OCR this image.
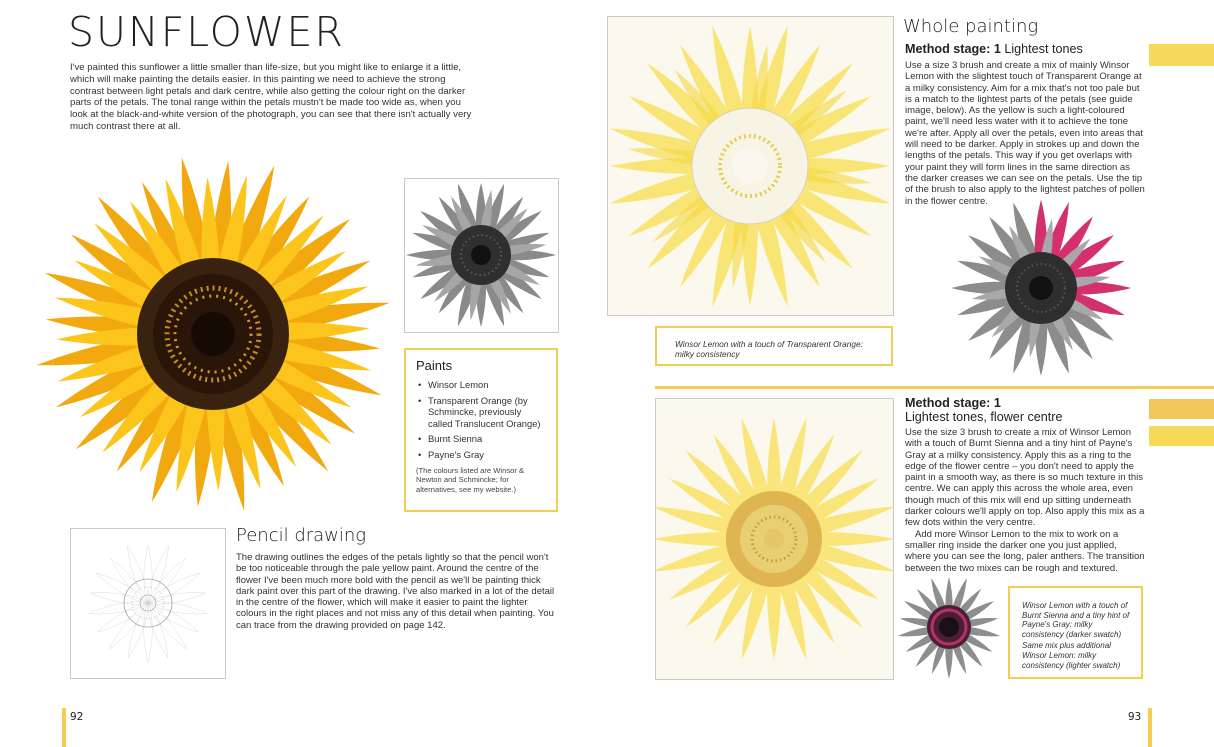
SUNFLOWER
I've painted this sunflower a little smaller than life-size, but you might like to enlarge it a little, which will make painting the details easier. In this painting we need to achieve the strong contrast between light petals and dark centre, while also getting the colour right on the darker parts of the petals. The tonal range within the petals mustn't be made too wide as, when you look at the black-and-white version of the photograph, you can see that there isn't actually very much contrast there at all.
Paints
• Winsor Lemon
• Transparent Orange (by Schmincke, previously called Translucent Orange)
• Burnt Sienna
• Payne's Gray
(The colours listed are Winsor & Newton and Schmincke; for alternatives, see my website.)
Pencil drawing
The drawing outlines the edges of the petals lightly so that the pencil won't be too noticeable through the pale yellow paint. Around the centre of the flower I've been much more bold with the pencil as we'll be painting thick dark paint over this part of the drawing. I've also marked in a lot of the detail in the centre of the flower, which will make it easier to paint the lighter colours in the right places and not miss any of this detail when painting. You can trace from the drawing provided on page 142.
92
Whole painting
Method stage: 1 Lightest tones
Use a size 3 brush and create a mix of mainly Winsor Lemon with the slightest touch of Transparent Orange at a milky consistency. Aim for a mix that's not too pale but is a match to the lightest parts of the petals (see guide image, below). As the yellow is such a light-coloured paint, we'll need less water with it to achieve the tone we're after. Apply all over the petals, even into areas that will need to be darker. Apply in strokes up and down the lengths of the petals. This way if you get overlaps with your paint they will form lines in the same direction as the darker creases we can see on the petals. Use the tip of the brush to also apply to the lightest patches of pollen in the flower centre.
Winsor Lemon with a touch of Transparent Orange: milky consistency
Method stage: 1
Lightest tones, flower centre
Use the size 3 brush to create a mix of Winsor Lemon with a touch of Burnt Sienna and a tiny hint of Payne's Gray at a milky consistency. Apply this as a ring to the edge of the flower centre – you don't need to apply the paint in a smooth way, as there is so much texture in this centre. We can apply this across the whole area, even though much of this mix will end up sitting underneath darker colours we'll apply on top. Also apply this mix as a few dots within the very centre.
Add more Winsor Lemon to the mix to work on a smaller ring inside the darker one you just applied, where you can see the long, paler anthers. The transition between the two mixes can be rough and textured.
Winsor Lemon with a touch of Burnt Sienna and a tiny hint of Payne's Gray: milky consistency (darker swatch)
Same mix plus additional Winsor Lemon: milky consistency (lighter swatch)
93
